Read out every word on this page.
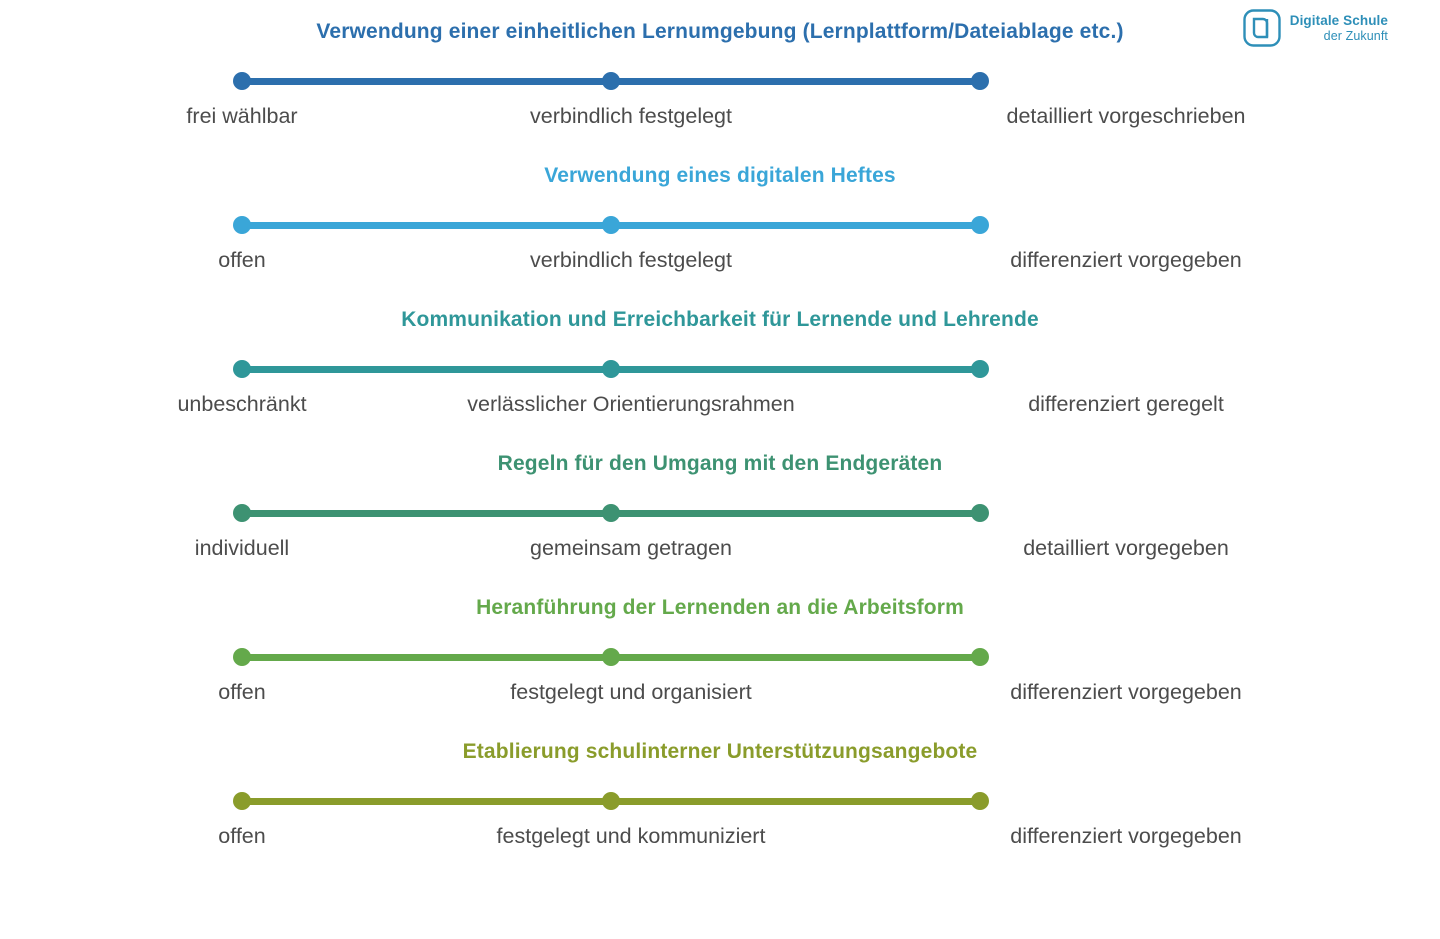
Digitale Schule
der Zukunft
Verwendung einer einheitlichen Lernumgebung (Lernplattform/Dateiablage etc.)
frei wählbar	verbindlich festgelegt	detailliert vorgeschrieben
Verwendung eines digitalen Heftes
offen	verbindlich festgelegt	differenziert vorgegeben
Kommunikation und Erreichbarkeit für Lernende und Lehrende
unbeschränkt	verlässlicher Orientierungsrahmen	differenziert geregelt
Regeln für den Umgang mit den Endgeräten
individuell	gemeinsam getragen	detailliert vorgegeben
Heranführung der Lernenden an die Arbeitsform
offen	festgelegt und organisiert	differenziert vorgegeben
Etablierung schulinterner Unterstützungsangebote
offen	festgelegt und kommuniziert	differenziert vorgegeben
